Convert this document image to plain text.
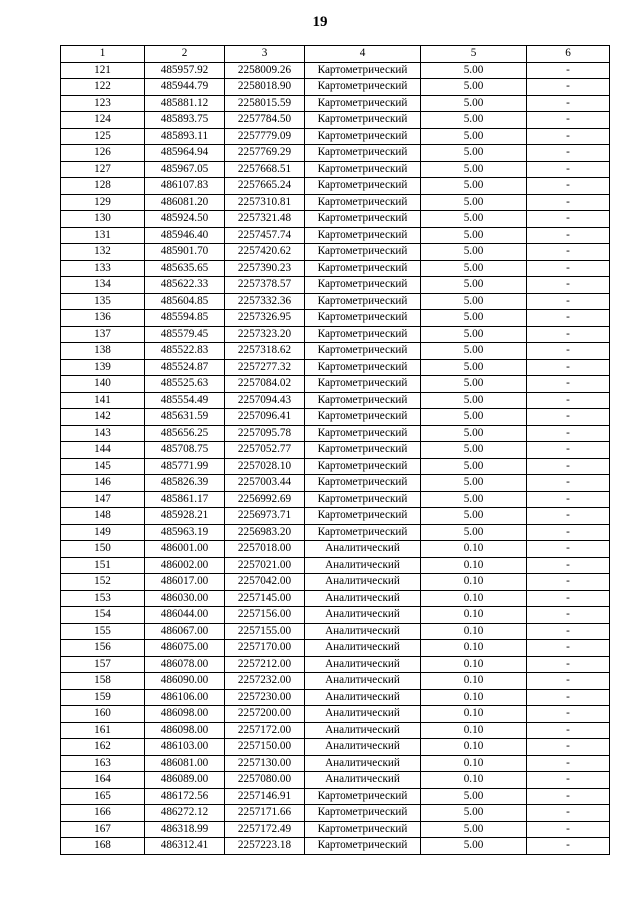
19
1	2	3	4	5	6
121	485957.92	2258009.26	Картометрический	5.00	-
122	485944.79	2258018.90	Картометрический	5.00	-
123	485881.12	2258015.59	Картометрический	5.00	-
124	485893.75	2257784.50	Картометрический	5.00	-
125	485893.11	2257779.09	Картометрический	5.00	-
126	485964.94	2257769.29	Картометрический	5.00	-
127	485967.05	2257668.51	Картометрический	5.00	-
128	486107.83	2257665.24	Картометрический	5.00	-
129	486081.20	2257310.81	Картометрический	5.00	-
130	485924.50	2257321.48	Картометрический	5.00	-
131	485946.40	2257457.74	Картометрический	5.00	-
132	485901.70	2257420.62	Картометрический	5.00	-
133	485635.65	2257390.23	Картометрический	5.00	-
134	485622.33	2257378.57	Картометрический	5.00	-
135	485604.85	2257332.36	Картометрический	5.00	-
136	485594.85	2257326.95	Картометрический	5.00	-
137	485579.45	2257323.20	Картометрический	5.00	-
138	485522.83	2257318.62	Картометрический	5.00	-
139	485524.87	2257277.32	Картометрический	5.00	-
140	485525.63	2257084.02	Картометрический	5.00	-
141	485554.49	2257094.43	Картометрический	5.00	-
142	485631.59	2257096.41	Картометрический	5.00	-
143	485656.25	2257095.78	Картометрический	5.00	-
144	485708.75	2257052.77	Картометрический	5.00	-
145	485771.99	2257028.10	Картометрический	5.00	-
146	485826.39	2257003.44	Картометрический	5.00	-
147	485861.17	2256992.69	Картометрический	5.00	-
148	485928.21	2256973.71	Картометрический	5.00	-
149	485963.19	2256983.20	Картометрический	5.00	-
150	486001.00	2257018.00	Аналитический	0.10	-
151	486002.00	2257021.00	Аналитический	0.10	-
152	486017.00	2257042.00	Аналитический	0.10	-
153	486030.00	2257145.00	Аналитический	0.10	-
154	486044.00	2257156.00	Аналитический	0.10	-
155	486067.00	2257155.00	Аналитический	0.10	-
156	486075.00	2257170.00	Аналитический	0.10	-
157	486078.00	2257212.00	Аналитический	0.10	-
158	486090.00	2257232.00	Аналитический	0.10	-
159	486106.00	2257230.00	Аналитический	0.10	-
160	486098.00	2257200.00	Аналитический	0.10	-
161	486098.00	2257172.00	Аналитический	0.10	-
162	486103.00	2257150.00	Аналитический	0.10	-
163	486081.00	2257130.00	Аналитический	0.10	-
164	486089.00	2257080.00	Аналитический	0.10	-
165	486172.56	2257146.91	Картометрический	5.00	-
166	486272.12	2257171.66	Картометрический	5.00	-
167	486318.99	2257172.49	Картометрический	5.00	-
168	486312.41	2257223.18	Картометрический	5.00	-
